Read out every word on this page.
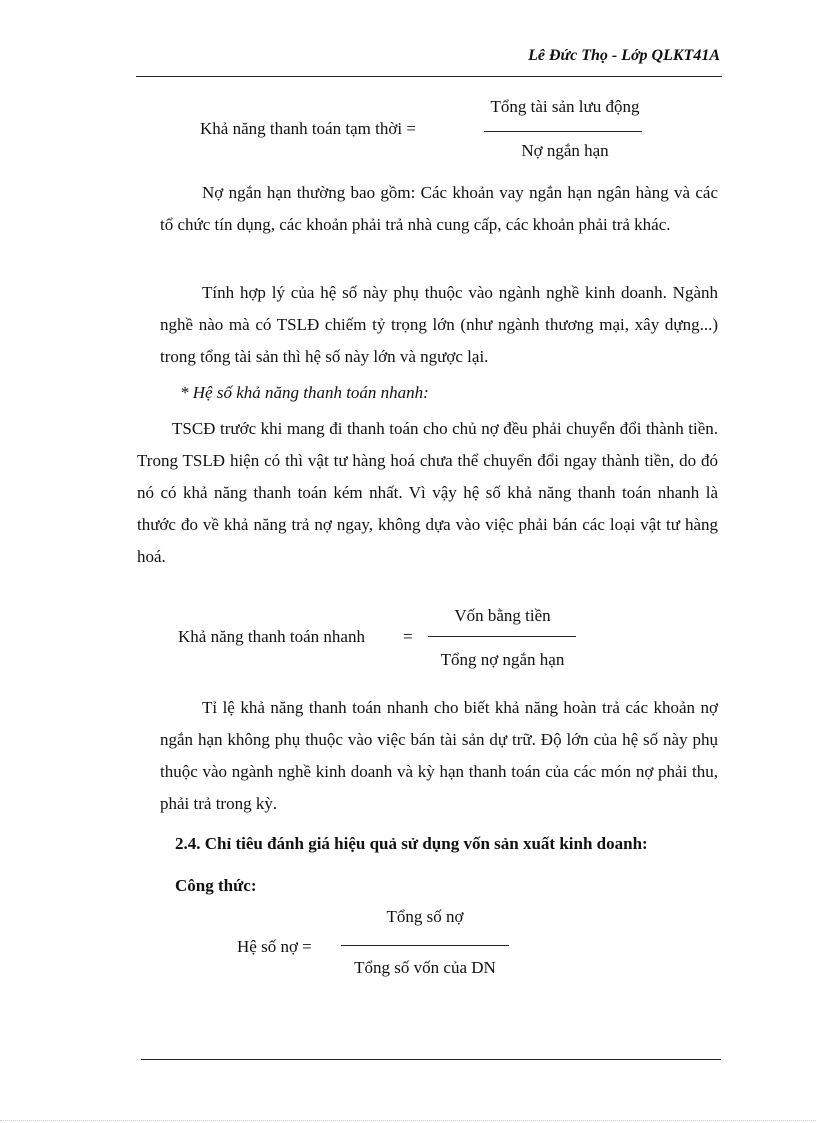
Lê Đức Thọ - Lớp QLKT41A
Khả năng thanh toán tạm thời =
Tổng tài sản lưu động
Nợ ngắn hạn

Nợ ngắn hạn thường bao gồm: Các khoản vay ngắn hạn ngân hàng và các tổ chức tín dụng, các khoản phải trả nhà cung cấp, các khoản phải trả khác.

Tính hợp lý của hệ số này phụ thuộc vào ngành nghề kinh doanh. Ngành nghề nào mà có TSLĐ chiếm tỷ trọng lớn (như ngành thương mại, xây dựng...) trong tổng tài sản thì hệ số này lớn và ngược lại.

* Hệ số khả năng thanh toán nhanh:

TSCĐ trước khi mang đi thanh toán cho chủ nợ đều phải chuyển đổi thành tiền. Trong TSLĐ hiện có thì vật tư hàng hoá chưa thể chuyển đổi ngay thành tiền, do đó nó có khả năng thanh toán kém nhất. Vì vậy hệ số khả năng thanh toán nhanh là thước đo về khả năng trả nợ ngay, không dựa vào việc phải bán các loại vật tư hàng hoá.

Khả năng thanh toán nhanh =
Vốn bằng tiền
Tổng nợ ngắn hạn

Tỉ lệ khả năng thanh toán nhanh cho biết khả năng hoàn trả các khoản nợ ngắn hạn không phụ thuộc vào việc bán tài sản dự trữ. Độ lớn của hệ số này phụ thuộc vào ngành nghề kinh doanh và kỳ hạn thanh toán của các món nợ phải thu, phải trả trong kỳ.

2.4. Chỉ tiêu đánh giá hiệu quả sử dụng vốn sản xuất kinh doanh:
Công thức:
Hệ số nợ =
Tổng số nợ
Tổng số vốn của DN
